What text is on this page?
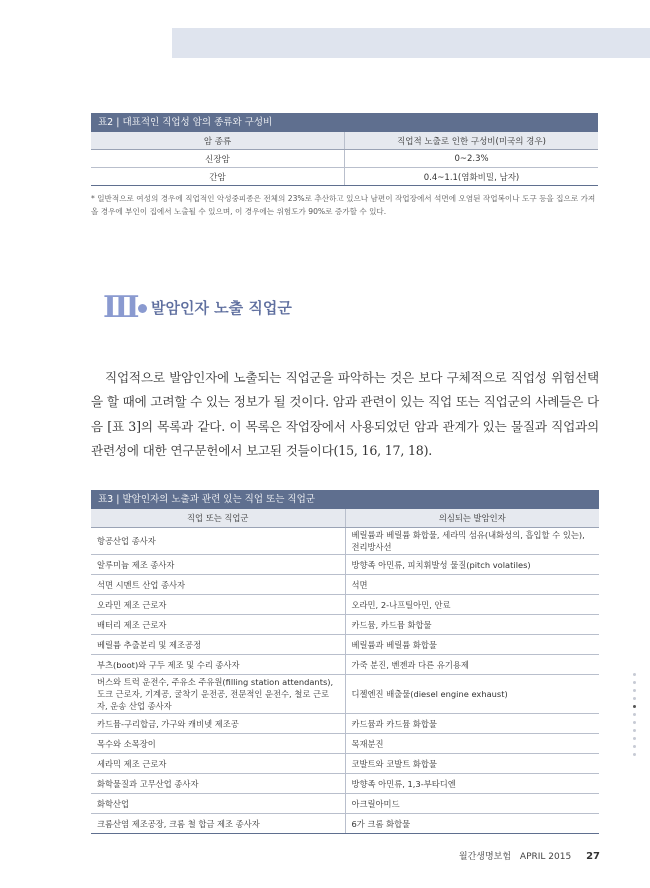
표2 | 대표적인 직업성 암의 종류와 구성비
암 종류	직업적 노출로 인한 구성비(미국의 경우)
신장암	0~2.3%
간암	0.4~1.1(염화비밀, 남자)
* 일반적으로 여성의 경우에 직업적인 악성중피종은 전체의 23%로 추산하고 있으나 남편이 작업장에서 석면에 오염된 작업복이나 도구 등을 집으로 가져 올 경우에 부인이 집에서 노출될 수 있으며, 이 경우에는 위험도가 90%로 증가할 수 있다.
Ⅲ 발암인자 노출 직업군
직업적으로 발암인자에 노출되는 직업군을 파악하는 것은 보다 구체적으로 직업성 위험선택을 할 때에 고려할 수 있는 정보가 될 것이다. 암과 관련이 있는 직업 또는 직업군의 사례들은 다음 [표 3]의 목록과 같다. 이 목록은 작업장에서 사용되었던 암과 관계가 있는 물질과 직업과의 관련성에 대한 연구문헌에서 보고된 것들이다(15, 16, 17, 18).
표3 | 발암인자의 노출과 관련 있는 직업 또는 직업군
직업 또는 직업군	의심되는 발암인자
항공산업 종사자	베릴륨과 베릴륨 화합물, 세라믹 섬유(내화성의, 흡입할 수 있는), 전리방사선
알루미늄 제조 종사자	방향족 아민류, 피치휘발성 물질(pitch volatiles)
석면 시멘트 산업 종사자	석면
오라민 제조 근로자	오라민, 2-나프틸아민, 안료
배터리 제조 근로자	카드뮴, 카드뮴 화합물
베릴륨 추출분리 및 제조공정	베릴륨과 베릴륨 화합물
부츠(boot)와 구두 제조 및 수리 종사자	가죽 분진, 벤젠과 다른 유기용제
버스와 트럭 운전수, 주유소 주유원(filling station attendants), 도크 근로자, 기계공, 굴착기 운전공, 전문적인 운전수, 철로 근로자, 운송 산업 종사자	디젤엔진 배출물(diesel engine exhaust)
카드뮴-구리합금, 가구와 캐비넷 제조공	카드뮴과 카드뮴 화합물
목수와 소목장이	목재분진
세라믹 제조 근로자	코발트와 코발트 화합물
화학물질과 고무산업 종사자	방향족 아민류, 1,3-부타디엔
화학산업	아크릴아미드
크롬산염 제조공장, 크롬 철 합금 제조 종사자	6가 크롬 화합물
월간생명보험 APRIL 2015 27
